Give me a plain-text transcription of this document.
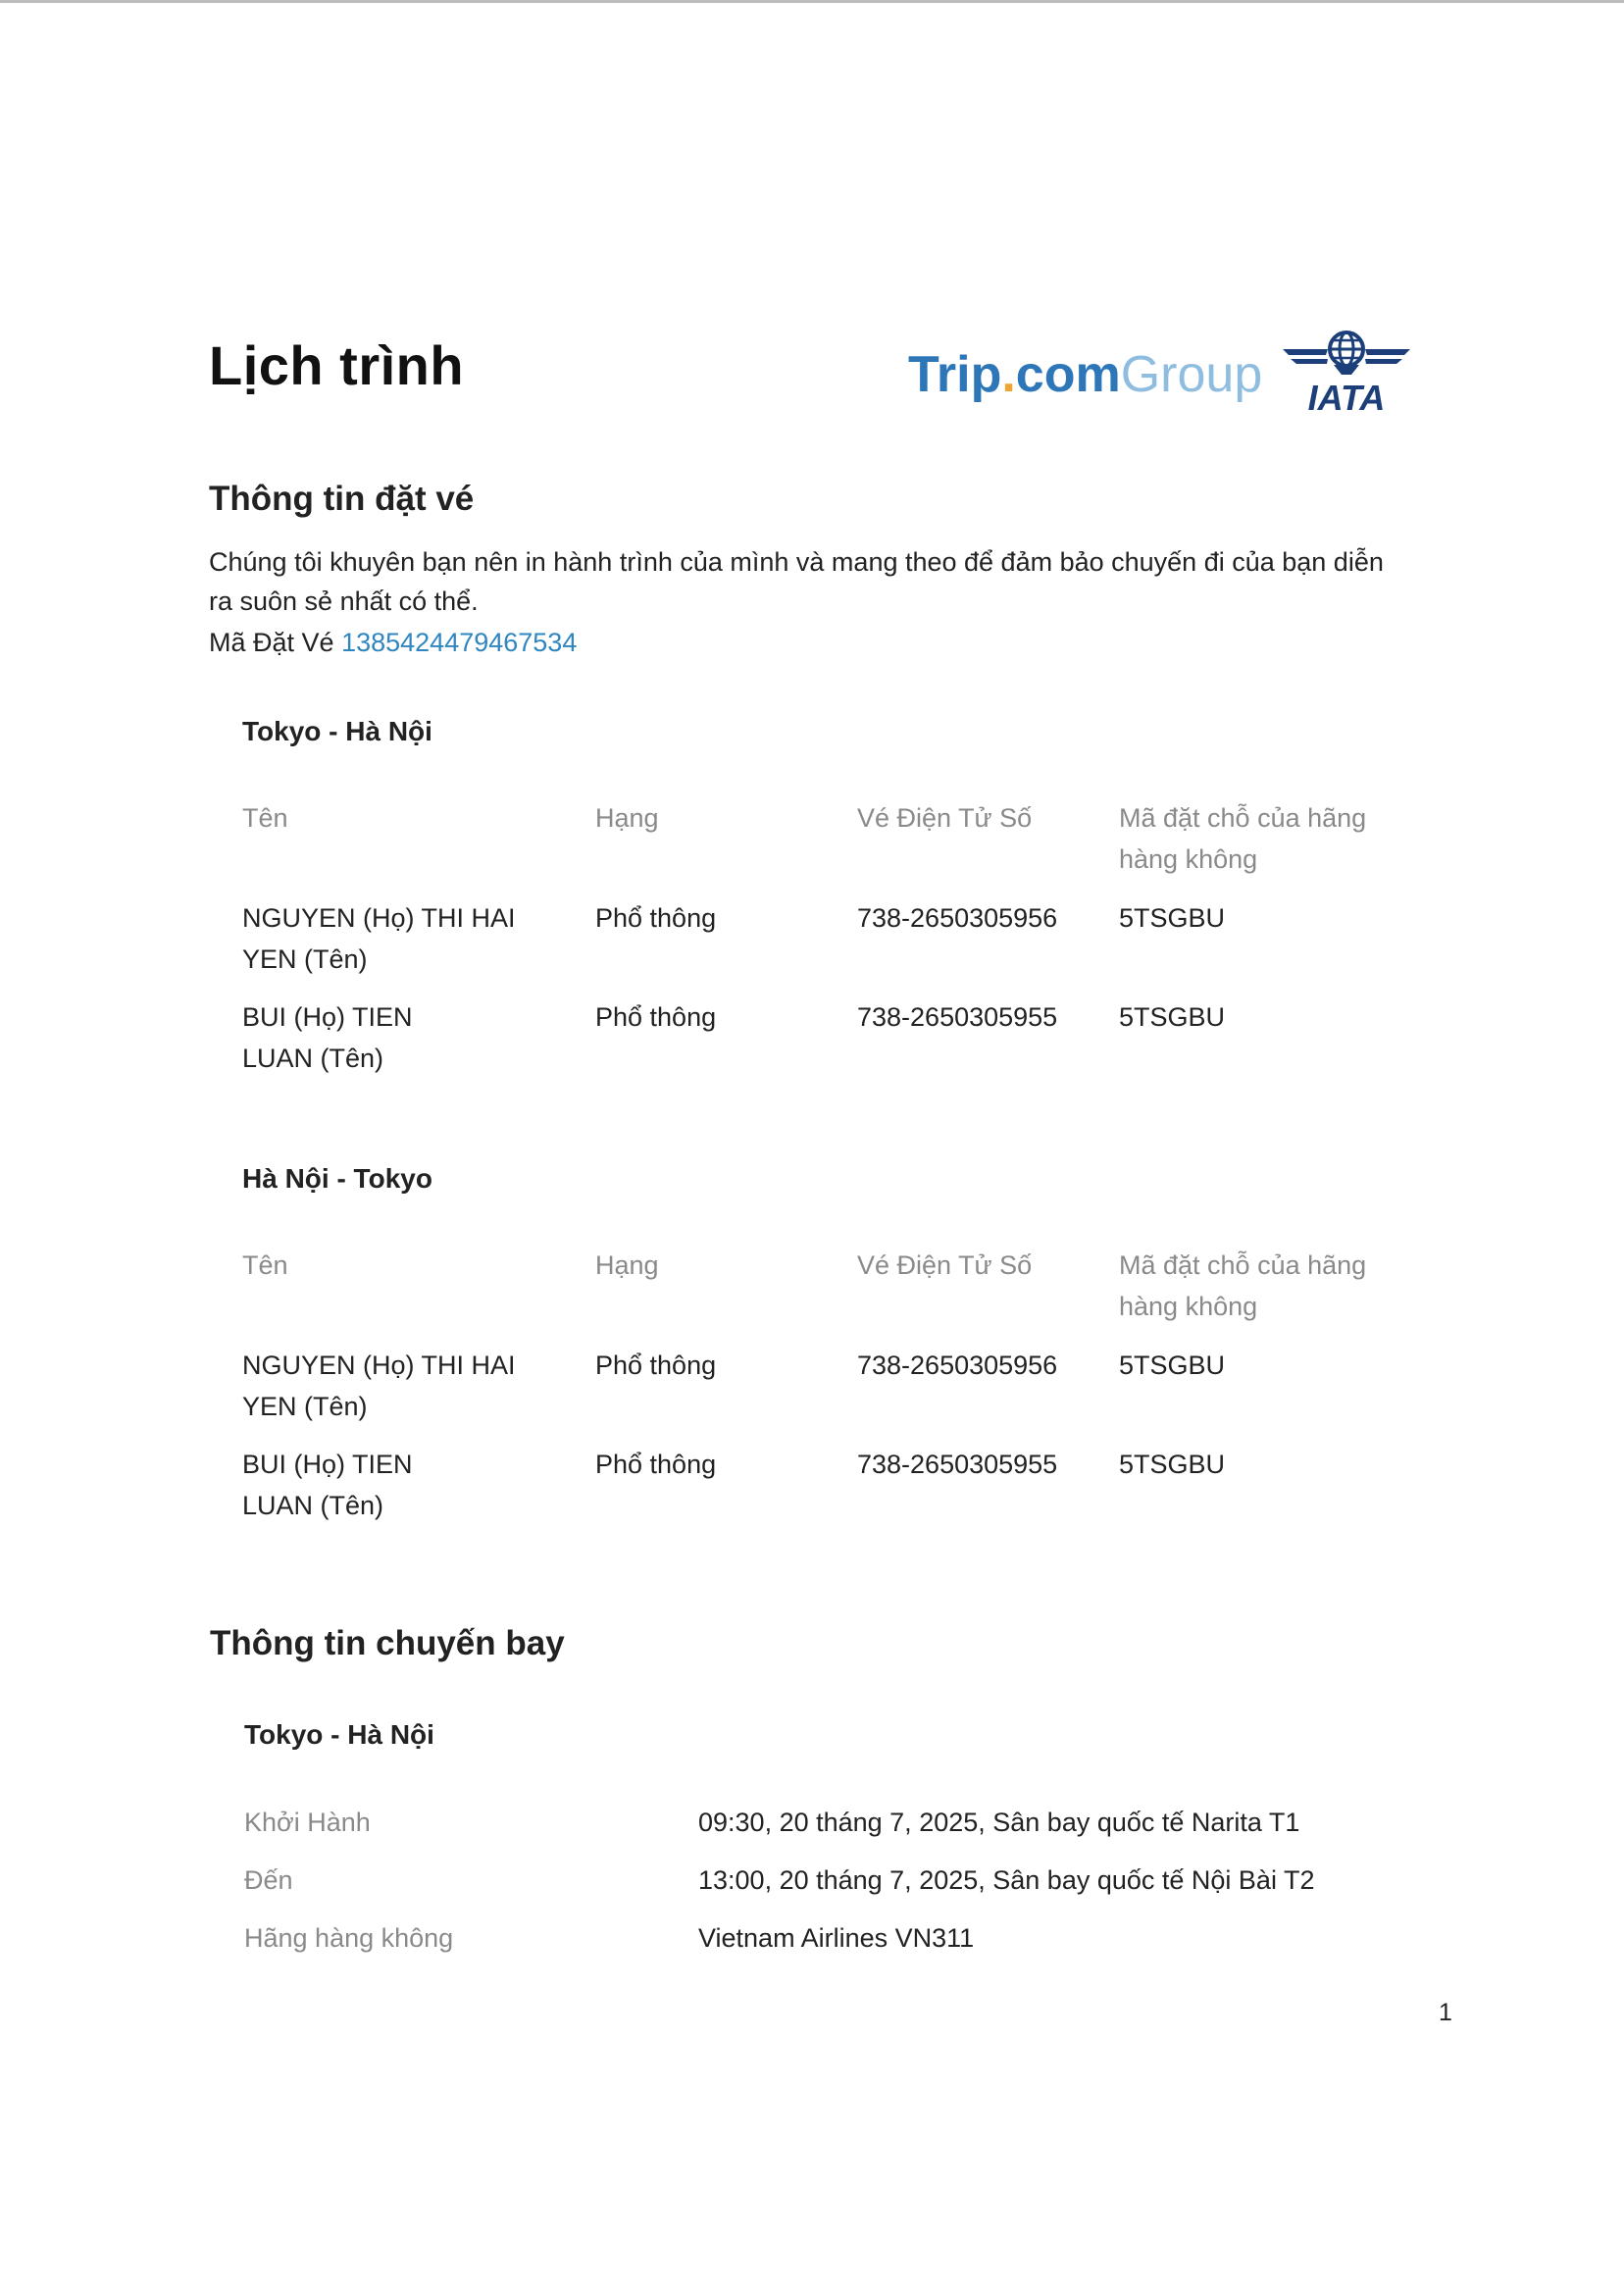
Lịch trình	Trip.comGroup IATA
Thông tin đặt vé
Chúng tôi khuyên bạn nên in hành trình của mình và mang theo để đảm bảo chuyến đi của bạn diễn
ra suôn sẻ nhất có thể.
Mã Đặt Vé 1385424479467534
Tokyo - Hà Nội
Tên	Hạng	Vé Điện Tử Số	Mã đặt chỗ của hãng
hàng không
NGUYEN (Họ) THI HAI
YEN (Tên)
Phổ thông	738-2650305956	5TSGBU
BUI (Họ) TIEN
LUAN (Tên)
Phổ thông	738-2650305955	5TSGBU
Hà Nội - Tokyo
Tên	Hạng	Vé Điện Tử Số	Mã đặt chỗ của hãng
hàng không
NGUYEN (Họ) THI HAI
YEN (Tên)
Phổ thông	738-2650305956	5TSGBU
BUI (Họ) TIEN
LUAN (Tên)
Phổ thông	738-2650305955	5TSGBU
Thông tin chuyến bay
Tokyo - Hà Nội
Khởi Hành	09:30, 20 tháng 7, 2025, Sân bay quốc tế Narita T1
Đến	13:00, 20 tháng 7, 2025, Sân bay quốc tế Nội Bài T2
Hãng hàng không	Vietnam Airlines VN311
1
